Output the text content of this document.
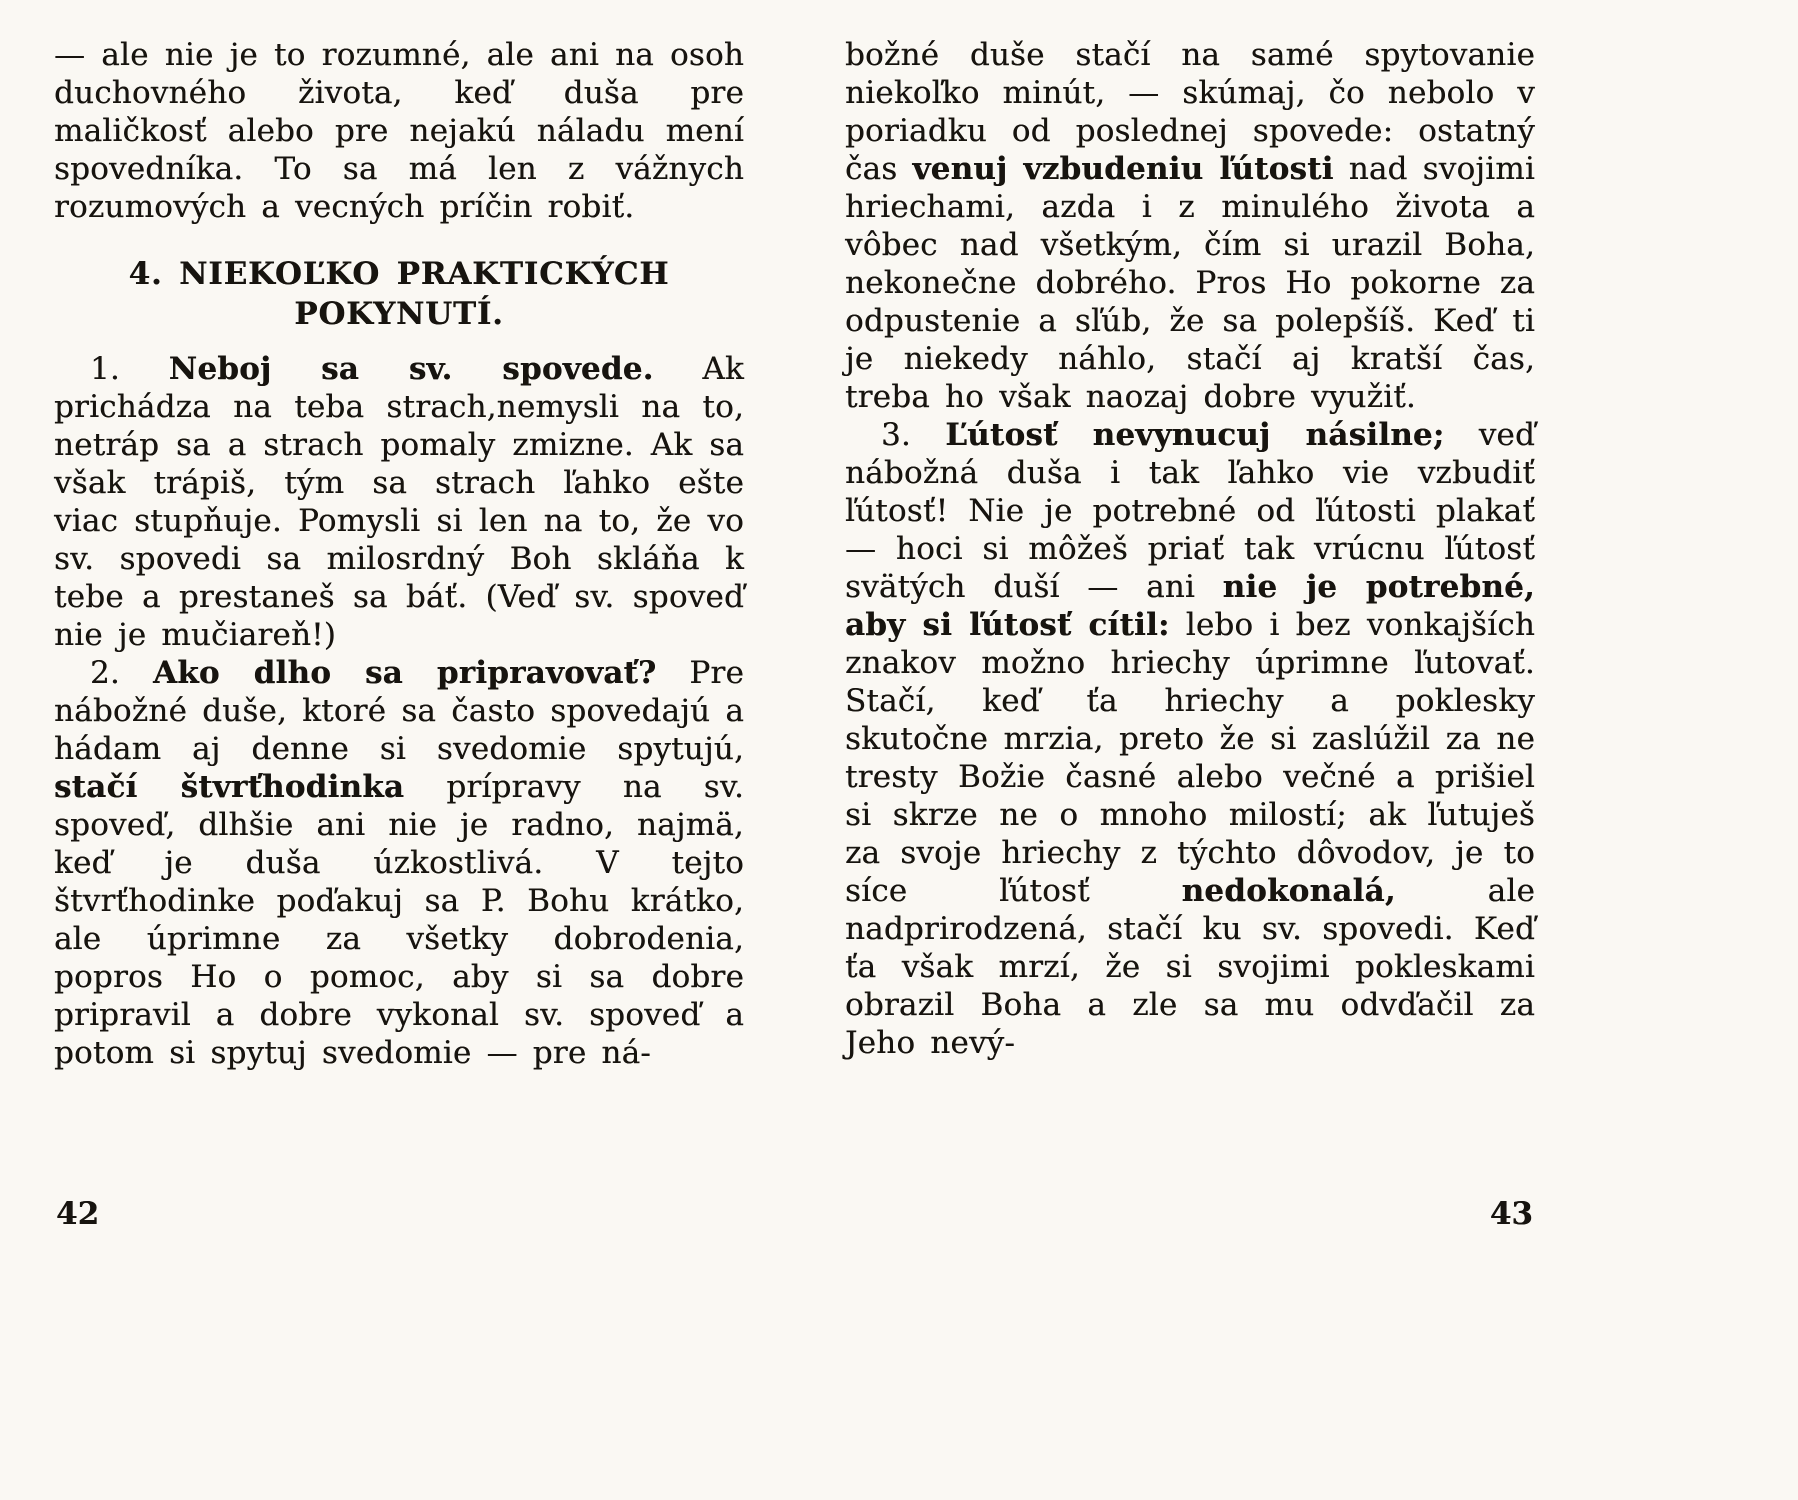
— ale nie je to rozumné, ale ani na osoh duchovného života, keď duša pre maličkosť alebo pre nejakú náladu mení spovedníka. To sa má len z vážnych rozumových a vecných príčin robiť.

4. NIEKOĽKO PRAKTICKÝCH
POKYNUTÍ.

1. Neboj sa sv. spovede. Ak prichádza na teba strach,nemysli na to, netráp sa a strach pomaly zmizne. Ak sa však trápiš, tým sa strach ľahko ešte viac stupňuje. Pomysli si len na to, že vo sv. spovedi sa milosrdný Boh skláňa k tebe a prestaneš sa báť. (Veď sv. spoveď nie je mučiareň!)

2. Ako dlho sa pripravovať? Pre nábožné duše, ktoré sa často spovedajú a hádam aj denne si svedomie spytujú, stačí štvrťhodinka prípravy na sv. spoveď, dlhšie ani nie je radno, najmä, keď je duša úzkostlivá. V tejto štvrťhodinke poďakuj sa P. Bohu krátko, ale úprimne za všetky dobrodenia, popros Ho o pomoc, aby si sa dobre pripravil a dobre vykonal sv. spoveď a potom si spytuj svedomie — pre ná-

božné duše stačí na samé spytovanie niekoľko minút, — skúmaj, čo nebolo v poriadku od poslednej spovede: ostatný čas venuj vzbudeniu ľútosti nad svojimi hriechami, azda i z minulého života a vôbec nad všetkým, čím si urazil Boha, nekonečne dobrého. Pros Ho pokorne za odpustenie a sľúb, že sa polepšíš. Keď ti je niekedy náhlo, stačí aj kratší čas, treba ho však naozaj dobre využiť.

3. Ľútosť nevynucuj násilne; veď nábožná duša i tak ľahko vie vzbudiť ľútosť! Nie je potrebné od ľútosti plakať — hoci si môžeš priať tak vrúcnu ľútosť svätých duší — ani nie je potrebné, aby si ľútosť cítil: lebo i bez vonkajších znakov možno hriechy úprimne ľutovať. Stačí, keď ťa hriechy a poklesky skutočne mrzia, preto že si zaslúžil za ne tresty Božie časné alebo večné a prišiel si skrze ne o mnoho milostí; ak ľutuješ za svoje hriechy z týchto dôvodov, je to síce ľútosť nedokonalá, ale nadprirodzená, stačí ku sv. spovedi. Keď ťa však mrzí, že si svojimi pokleskami obrazil Boha a zle sa mu odvďačil za Jeho nevý-

42	43
